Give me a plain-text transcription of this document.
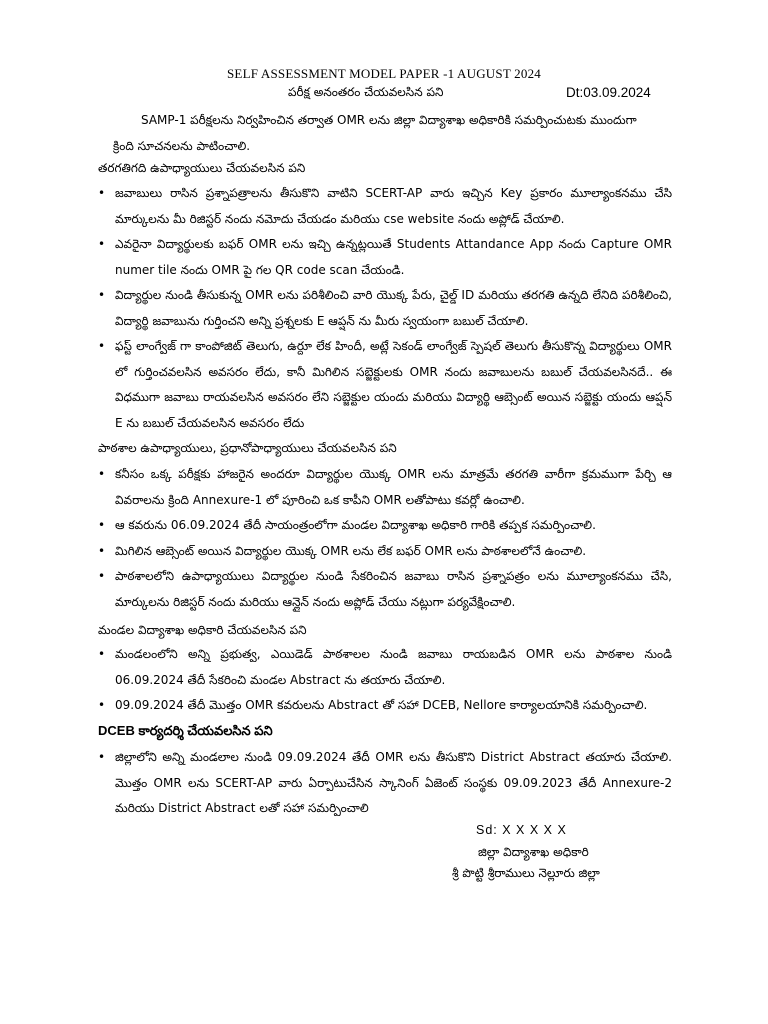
SELF ASSESSMENT MODEL PAPER -1 AUGUST 2024
పరీక్ష అనంతరం చేయవలసిన పని	Dt:03.09.2024
SAMP-1 పరీక్షలను నిర్వహించిన తర్వాత OMR లను జిల్లా విద్యాశాఖ అధికారికి సమర్పించుటకు ముందుగా
క్రింది సూచనలను పాటించాలి.
తరగతిగది ఉపాధ్యాయులు చేయవలసిన పని
• జవాబులు రాసిన ప్రశ్నాపత్రాలను తీసుకొని వాటిని SCERT-AP వారు ఇచ్చిన Key ప్రకారం మూల్యాంకనము చేసి మార్కులను మీ రిజిస్టర్ నందు నమోదు చేయడం మరియు cse website నందు అప్లోడ్ చేయాలి.
• ఎవరైనా విద్యార్థులకు బఫర్ OMR లను ఇచ్చి ఉన్నట్లయితే Students Attandance App నందు Capture OMR numer tile నందు OMR పై గల QR code scan చేయండి.
• విద్యార్థుల నుండి తీసుకున్న OMR లను పరిశీలించి వారి యొక్క పేరు, చైల్డ్ ID మరియు తరగతి ఉన్నది లేనిది పరిశీలించి, విద్యార్థి జవాబును గుర్తించని అన్ని ప్రశ్నలకు E ఆప్షన్ ను మీరు స్వయంగా బబుల్ చేయాలి.
• ఫస్ట్ లాంగ్వేజ్ గా కాంపోజిట్ తెలుగు, ఉర్దూ లేక హిందీ, అట్లే సెకండ్ లాంగ్వేజ్ స్పెషల్ తెలుగు తీసుకొన్న విద్యార్థులు OMR లో గుర్తించవలసిన అవసరం లేదు, కానీ మిగిలిన సబ్జెక్టులకు OMR నందు జవాబులను బబుల్ చేయవలసినదే.. ఈ విధముగా జవాబు రాయవలసిన అవసరం లేని సబ్జెక్టుల యందు మరియు విద్యార్థి ఆబ్సెంట్ అయిన సబ్జెక్టు యందు ఆప్షన్ E ను బబుల్ చేయవలసిన అవసరం లేదు
పాఠశాల ఉపాధ్యాయులు, ప్రధానోపాధ్యాయులు చేయవలసిన పని
• కనీసం ఒక్క పరీక్షకు హాజరైన అందరూ విద్యార్థుల యొక్క OMR లను మాత్రమే తరగతి వారీగా క్రమముగా పేర్చి ఆ వివరాలను క్రింది Annexure-1 లో పూరించి ఒక కాపీని OMR లతోపాటు కవర్లో ఉంచాలి.
• ఆ కవరును 06.09.2024 తేదీ సాయంత్రంలోగా మండల విద్యాశాఖ అధికారి గారికి తప్పక సమర్పించాలి.
• మిగిలిన ఆబ్సెంట్ అయిన విద్యార్థుల యొక్క OMR లను లేక బఫర్ OMR లను పాఠశాలలోనే ఉంచాలి.
• పాఠశాలలోని ఉపాధ్యాయులు విద్యార్థుల నుండి సేకరించిన జవాబు రాసిన ప్రశ్నాపత్రం లను మూల్యాంకనము చేసి, మార్కులను రిజిస్టర్ నందు మరియు ఆన్లైన్ నందు అప్లోడ్ చేయు నట్లుగా పర్యవేక్షించాలి.
మండల విద్యాశాఖ అధికారి చేయవలసిన పని
• మండలంలోని అన్ని ప్రభుత్వ, ఎయిడెడ్ పాఠశాలల నుండి జవాబు రాయబడిన OMR లను పాఠశాల నుండి 06.09.2024 తేదీ సేకరించి మండల Abstract ను తయారు చేయాలి.
• 09.09.2024 తేదీ మొత్తం OMR కవరులను Abstract తో సహా DCEB, Nellore కార్యాలయానికి సమర్పించాలి.
DCEB కార్యదర్శి చేయవలసిన పని
• జిల్లాలోని అన్ని మండలాల నుండి 09.09.2024 తేదీ OMR లను తీసుకొని District Abstract తయారు చేయాలి. మొత్తం OMR లను SCERT-AP వారు ఏర్పాటుచేసిన స్కానింగ్ ఏజెంట్ సంస్థకు 09.09.2023 తేదీ Annexure-2 మరియు District Abstract లతో సహా సమర్పించాలి
Sd: X X X X X
జిల్లా విద్యాశాఖ అధికారి
శ్రీ పొట్టి శ్రీరాములు నెల్లూరు జిల్లా
